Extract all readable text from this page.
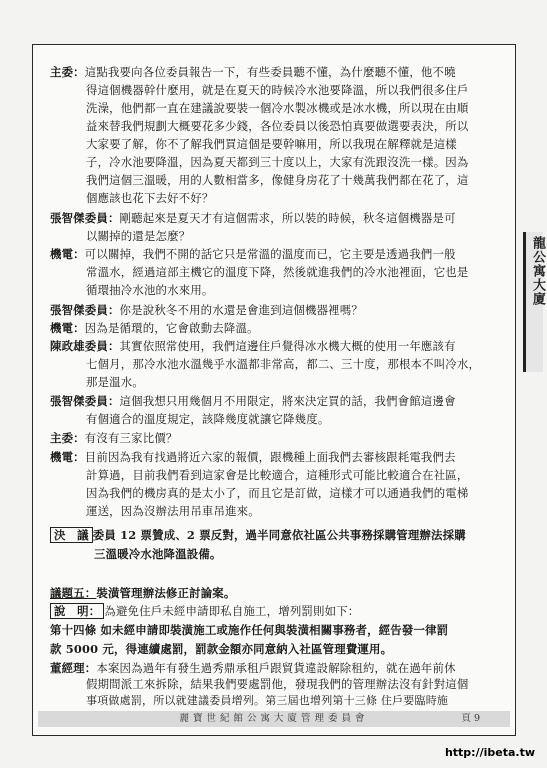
龍公寓大廈
主委：這點我要向各位委員報告一下，有些委員聽不懂，為什麼聽不懂，他不曉
得這個機器幹什麼用，就是在夏天的時候冷水池要降溫，所以我們很多住戶
洗澡，他們都一直在建議說要裝一個冷水製冰機或是冰水機，所以現在由順
益來替我們規劃大概要花多少錢，各位委員以後恐怕真要做選要表決，所以
大家要了解，你不了解我們買這個是要幹嘛用，所以我現在解釋就是這樣
子，冷水池要降溫，因為夏天都到三十度以上，大家有洗跟沒洗一樣。因為
我們這個三溫暖，用的人數相當多，像健身房花了十幾萬我們都在花了，這
個應該也花下去好不好？
張智傑委員：剛聽起來是夏天才有這個需求，所以裝的時候，秋冬這個機器是可
以關掉的還是怎麼？
機電：可以關掉，我們不開的話它只是常溫的溫度而已，它主要是透過我們一般
常溫水，經過這部主機它的溫度下降，然後就進我們的冷水池裡面，它也是
循環抽冷水池的水來用。
張智傑委員：你是說秋冬不用的水還是會進到這個機器裡嗎？
機電：因為是循環的，它會啟動去降溫。
陳政雄委員：其實依照常使用，我們這邊住戶覺得冰水機大概的使用一年應該有
七個月，那冷水池水溫幾乎水溫都非常高，都二、三十度，那根本不叫冷水，
那是溫水。
張智傑委員：這個我想只用幾個月不用限定，將來決定買的話，我們會館這邊會
有個適合的溫度規定，該降幾度就讓它降幾度。
主委：有沒有三家比價？
機電：目前因為我有找過將近六家的報價，跟機種上面我們去審核跟耗電我們去
計算過，目前我們看到這家會是比較適合，這種形式可能比較適合在社區，
因為我們的機房真的是太小了，而且它是訂做，這樣才可以通過我們的電梯
運送，因為沒辦法用吊車吊進來。
決　議 委員 12 票贊成、2 票反對，過半同意依社區公共事務採購管理辦法採購
三溫暖冷水池降溫設備。
議題五：裝潢管理辦法修正討論案。
說　明： 為避免住戶未經申請即私自施工，增列罰則如下：
第十四條 如未經申請即裝潢施工或施作任何與裝潢相關事務者，經告發一律罰
款 5000 元，得連續處罰，罰款金額亦同意納入社區管理費運用。
董經理：本案因為過年有發生過秀鼎承租戶跟貿貨違設解除租約，就在過年前休
假期間派工來拆除，結果我們要處罰他，發現我們的管理辦法沒有針對這個
事項做處罰，所以就建議委員增列。第三屆也增列第十三條 住戶要臨時施
麗寶世紀館公寓大廈管理委員會	頁 9
http://ibeta.tw
